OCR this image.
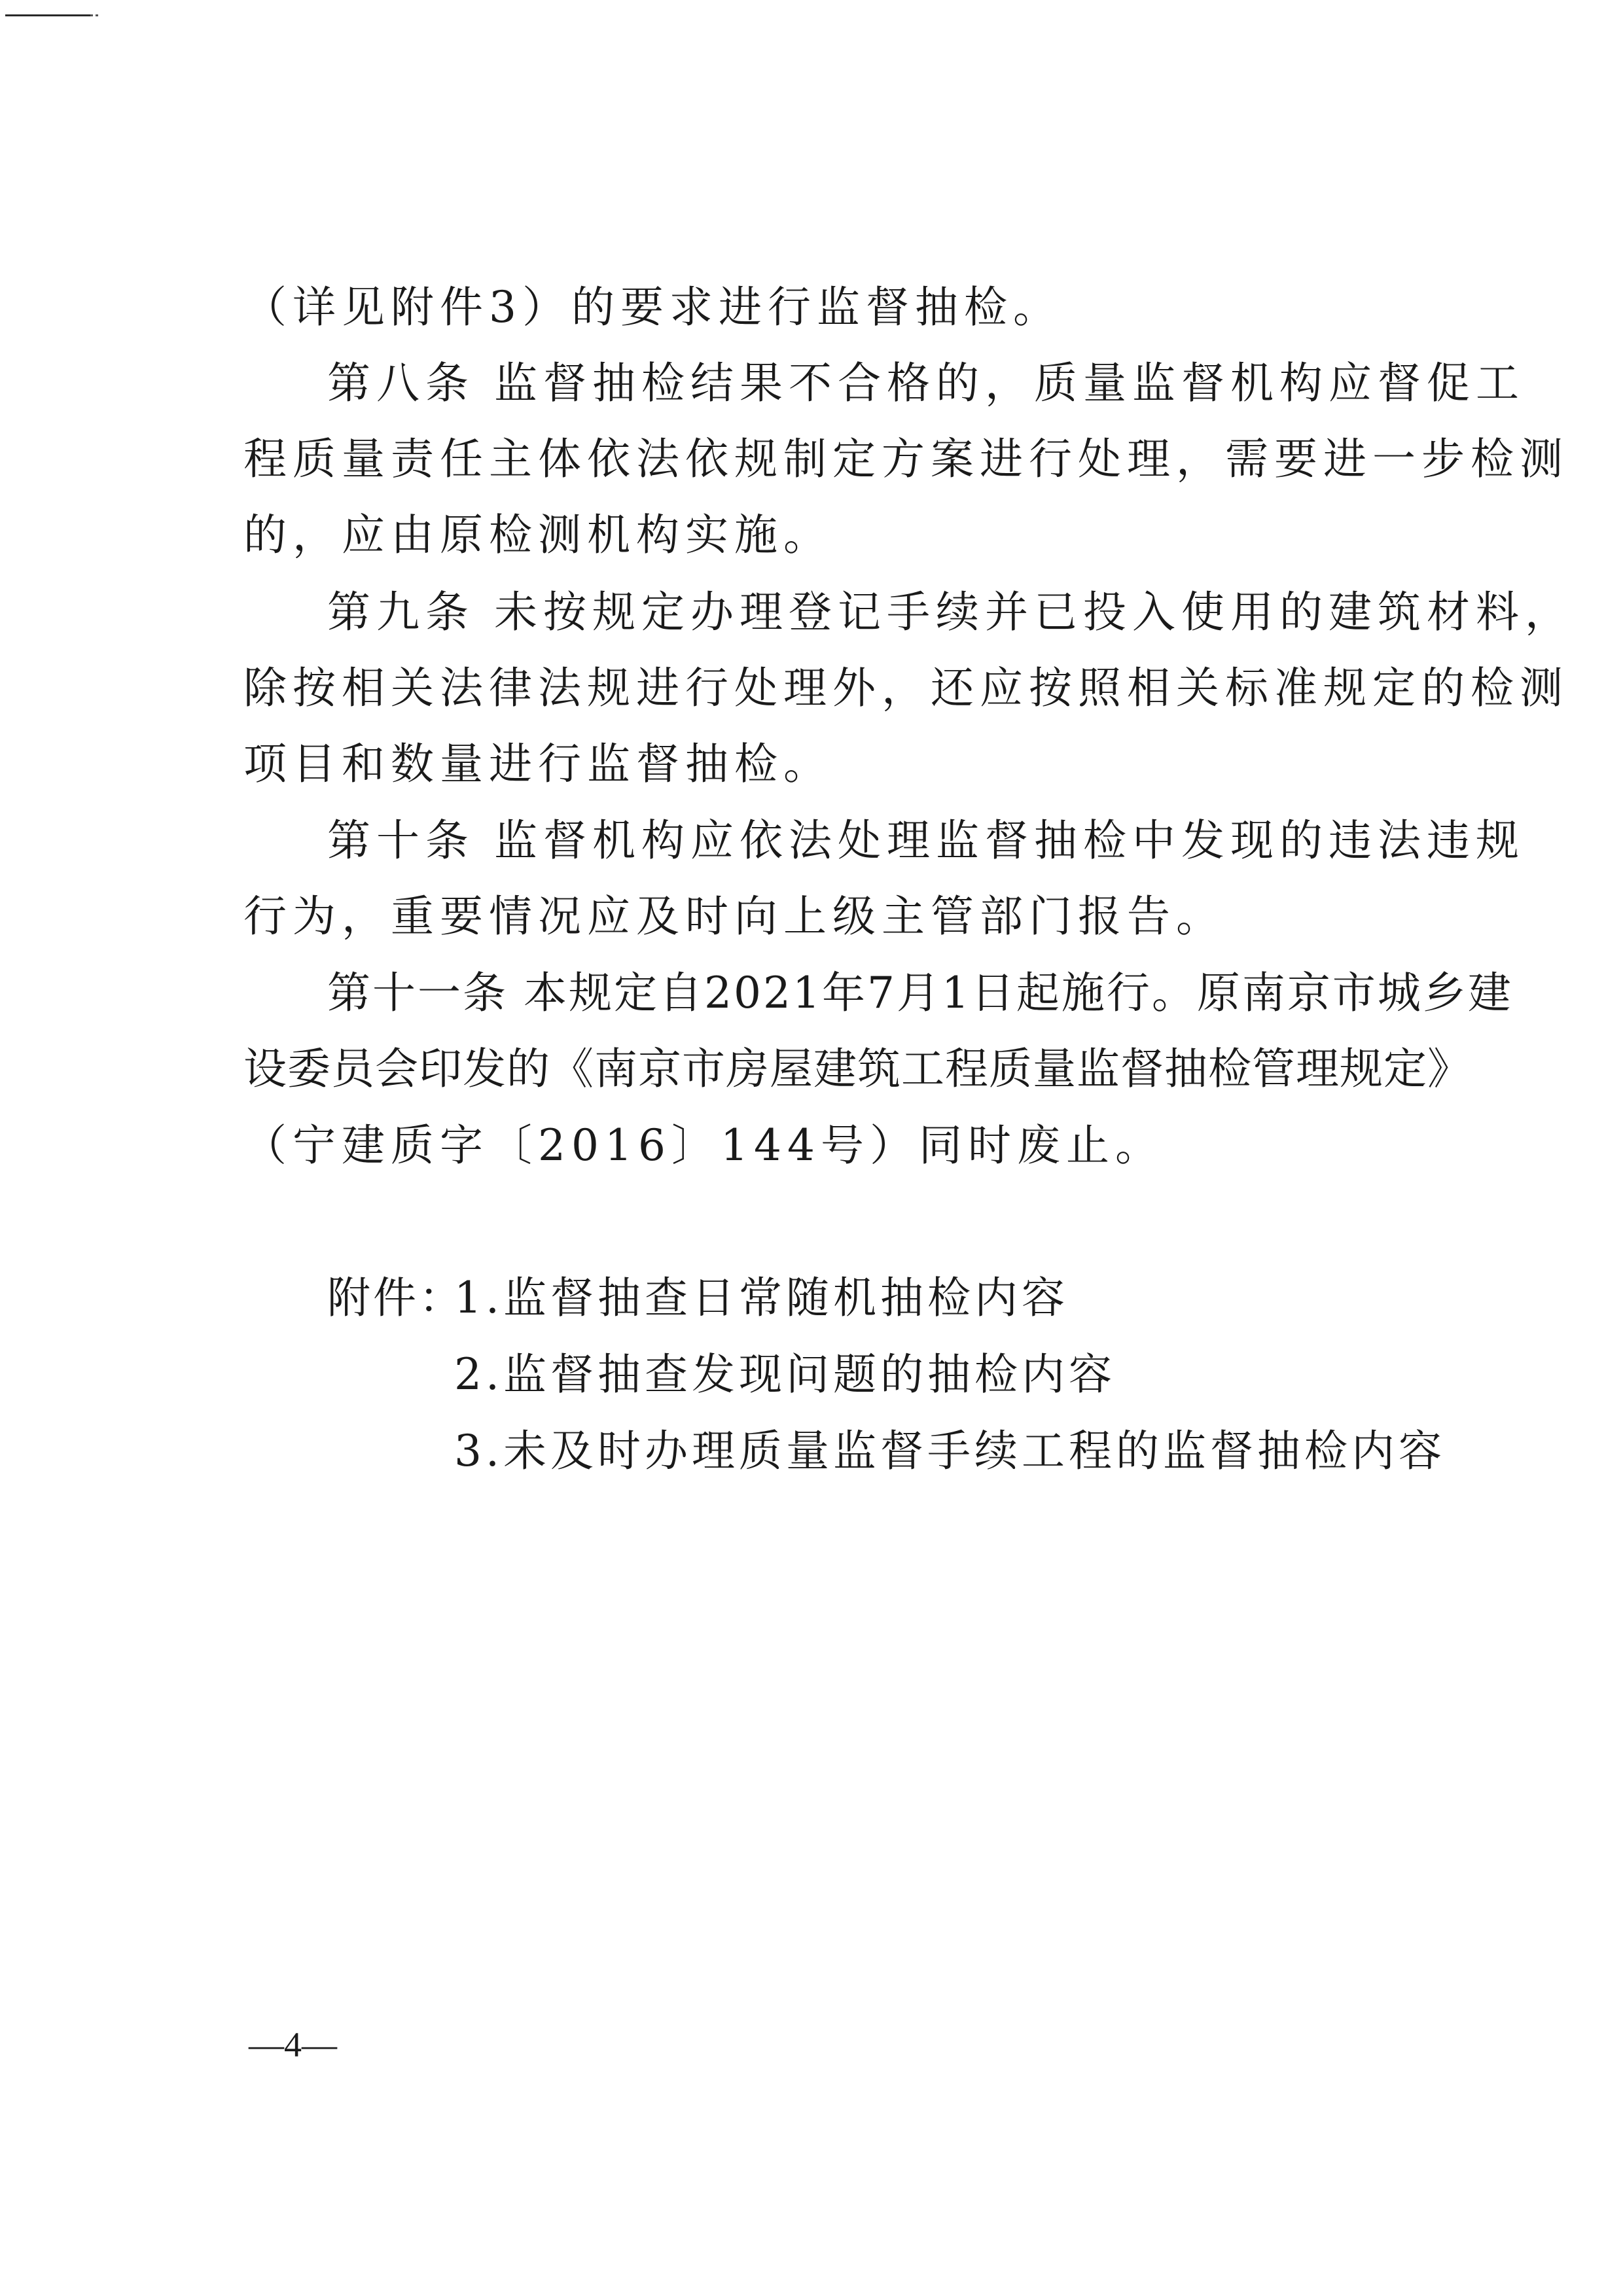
（详见附件3）的要求进行监督抽检。
第八条 监督抽检结果不合格的，质量监督机构应督促工
程质量责任主体依法依规制定方案进行处理，需要进一步检测
的，应由原检测机构实施。
第九条 未按规定办理登记手续并已投入使用的建筑材料，
除按相关法律法规进行处理外，还应按照相关标准规定的检测
项目和数量进行监督抽检。
第十条 监督机构应依法处理监督抽检中发现的违法违规
行为，重要情况应及时向上级主管部门报告。
第十一条 本规定自2021年7月1日起施行。原南京市城乡建
设委员会印发的《南京市房屋建筑工程质量监督抽检管理规定》
（宁建质字〔2016〕144号）同时废止。
附件：
1.监督抽查日常随机抽检内容
2.监督抽查发现问题的抽检内容
3.未及时办理质量监督手续工程的监督抽检内容
—4—
